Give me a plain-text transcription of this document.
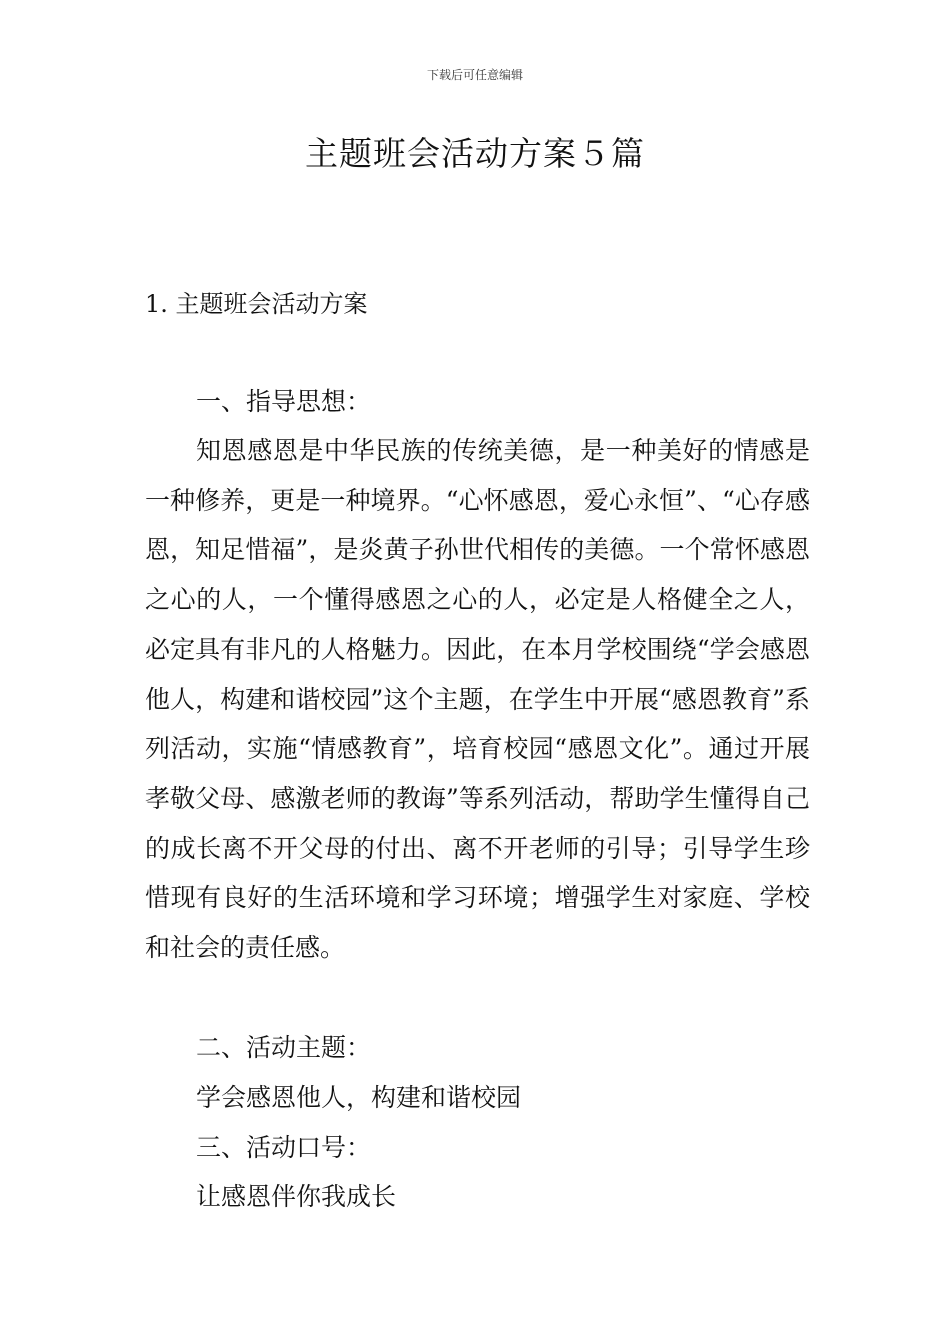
下载后可任意编辑
主题班会活动方案５篇
1. 主题班会活动方案
一、指导思想：

知恩感恩是中华民族的传统美德，是一种美好的情感是一种修养，更是一种境界。“心怀感恩，爱心永恒”、“心存感恩，知足惜福”，是炎黄子孙世代相传的美德。一个常怀感恩之心的人，一个懂得感恩之心的人，必定是人格健全之人，必定具有非凡的人格魅力。因此，在本月学校围绕“学会感恩他人，构建和谐校园”这个主题，在学生中开展“感恩教育”系列活动，实施“情感教育”，培育校园“感恩文化”。通过开展孝敬父母、感激老师的教诲”等系列活动，帮助学生懂得自己的成长离不开父母的付出、离不开老师的引导；引导学生珍惜现有良好的生活环境和学习环境；增强学生对家庭、学校和社会的责任感。

二、活动主题：

学会感恩他人，构建和谐校园

三、活动口号：

让感恩伴你我成长
